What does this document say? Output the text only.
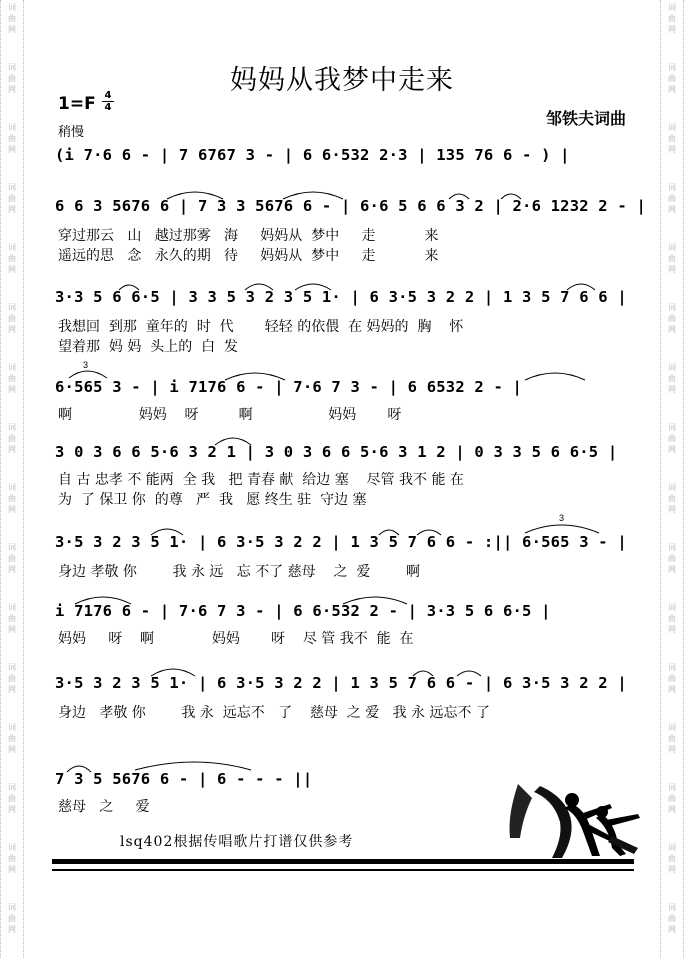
词
曲
网
词
曲
网
词
曲
网
词
曲
网
词
曲
网
词
曲
网
词
曲
网
词
曲
网
词
曲
网
词
曲
网
词
曲
网
词
曲
网
词
曲
网
词
曲
网
词
曲
网
词
曲
网
词
曲
网
词
曲
网
词
曲
网
词
曲
网
词
曲
网
词
曲
网
词
曲
网
词
曲
网
词
曲
网
词
曲
网
词
曲
网
词
曲
网
词
曲
网
词
曲
网
词
曲
网
词
曲
网
妈妈从我梦中走来
1=F 4
4
稍慢
邹铁夫词曲
(i 7·6 6 - | 7 6767 3 - | 6 6·532 2·3 | 135 76 6 - ) |
6 6 3 5676 6 | 7 3 3 5676 6 - | 6·6 5 6 6 3 2 | 2·6 1232 2 - |
穿过那云   山   越过那雾   海     妈妈从  梦中     走           来
遥远的思   念   永久的期   待     妈妈从  梦中     走           来
3·3 5 6 6·5 | 3 3 5 3 2 3 5 1· | 6 3·5 3 2 2 | 1 3 5 7 6 6 |
我想回  到那  童年的  时  代       轻轻 的依偎  在 妈妈的  胸    怀
望着那  妈 妈  头上的  白  发
3
6·565 3 - | i 7176 6 - | 7·6 7 3 - | 6 6532 2 - |
啊               妈妈    呀         啊                 妈妈       呀
3 0 3 6 6 5·6 3 2 1 | 3 0 3 6 6 5·6 3 1 2 | 0 3 3 5 6 6·5 |
自 古 忠孝 不 能两  全 我   把 青春 献  给边 塞    尽管 我不 能 在
为  了 保卫 你  的尊   严  我   愿 终生 驻  守边 塞
3
3·5 3 2 3 5 1· | 6 3·5 3 2 2 | 1 3 5 7 6 6 - :|| 6·565 3 - |
身边 孝敬 你        我 永 远   忘 不了 慈母    之  爱        啊
i 7176 6 - | 7·6 7 3 - | 6 6·532 2 - | 3·3 5 6 6·5 |
妈妈     呀    啊             妈妈       呀    尽 管 我不  能  在
3·5 3 2 3 5 1· | 6 3·5 3 2 2 | 1 3 5 7 6 6 - | 6 3·5 3 2 2 |
身边   孝敬 你        我 永  远忘不   了    慈母  之 爱   我 永 远忘不 了
7 3 5 5676 6 - | 6 - - - ||
慈母   之     爱
lsq402根据传唱歌片打谱仅供参考
